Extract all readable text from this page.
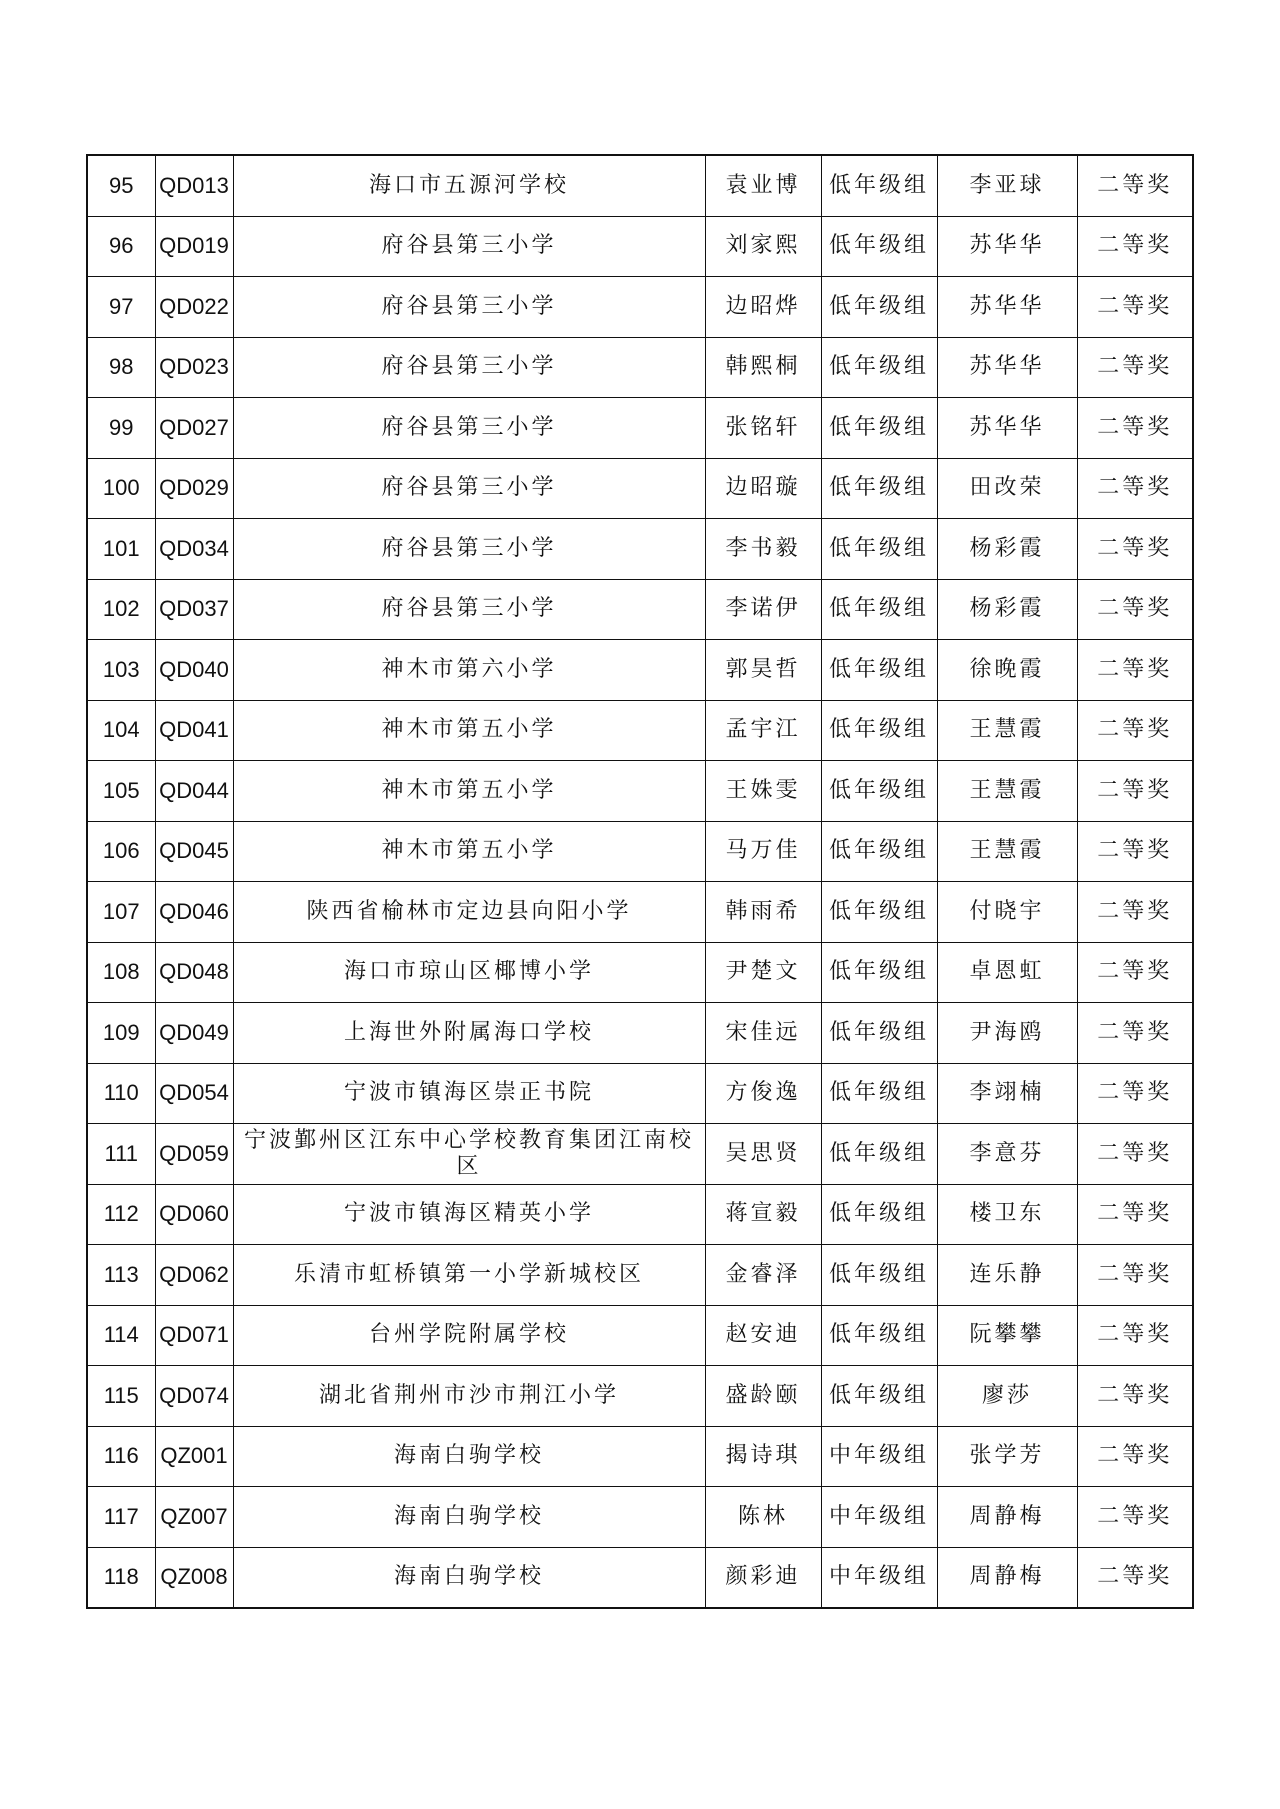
95	QD013	海口市五源河学校	袁业博	低年级组	李亚球	二等奖
96	QD019	府谷县第三小学	刘家熙	低年级组	苏华华	二等奖
97	QD022	府谷县第三小学	边昭烨	低年级组	苏华华	二等奖
98	QD023	府谷县第三小学	韩熙桐	低年级组	苏华华	二等奖
99	QD027	府谷县第三小学	张铭轩	低年级组	苏华华	二等奖
100	QD029	府谷县第三小学	边昭璇	低年级组	田改荣	二等奖
101	QD034	府谷县第三小学	李书毅	低年级组	杨彩霞	二等奖
102	QD037	府谷县第三小学	李诺伊	低年级组	杨彩霞	二等奖
103	QD040	神木市第六小学	郭昊哲	低年级组	徐晚霞	二等奖
104	QD041	神木市第五小学	孟宇江	低年级组	王慧霞	二等奖
105	QD044	神木市第五小学	王姝雯	低年级组	王慧霞	二等奖
106	QD045	神木市第五小学	马万佳	低年级组	王慧霞	二等奖
107	QD046	陕西省榆林市定边县向阳小学	韩雨希	低年级组	付晓宇	二等奖
108	QD048	海口市琼山区椰博小学	尹楚文	低年级组	卓恩虹	二等奖
109	QD049	上海世外附属海口学校	宋佳远	低年级组	尹海鸥	二等奖
110	QD054	宁波市镇海区崇正书院	方俊逸	低年级组	李翊楠	二等奖
111	QD059	宁波鄞州区江东中心学校教育集团江南校区	吴思贤	低年级组	李意芬	二等奖
112	QD060	宁波市镇海区精英小学	蒋宣毅	低年级组	楼卫东	二等奖
113	QD062	乐清市虹桥镇第一小学新城校区	金睿泽	低年级组	连乐静	二等奖
114	QD071	台州学院附属学校	赵安迪	低年级组	阮攀攀	二等奖
115	QD074	湖北省荆州市沙市荆江小学	盛龄颐	低年级组	廖莎	二等奖
116	QZ001	海南白驹学校	揭诗琪	中年级组	张学芳	二等奖
117	QZ007	海南白驹学校	陈林	中年级组	周静梅	二等奖
118	QZ008	海南白驹学校	颜彩迪	中年级组	周静梅	二等奖
